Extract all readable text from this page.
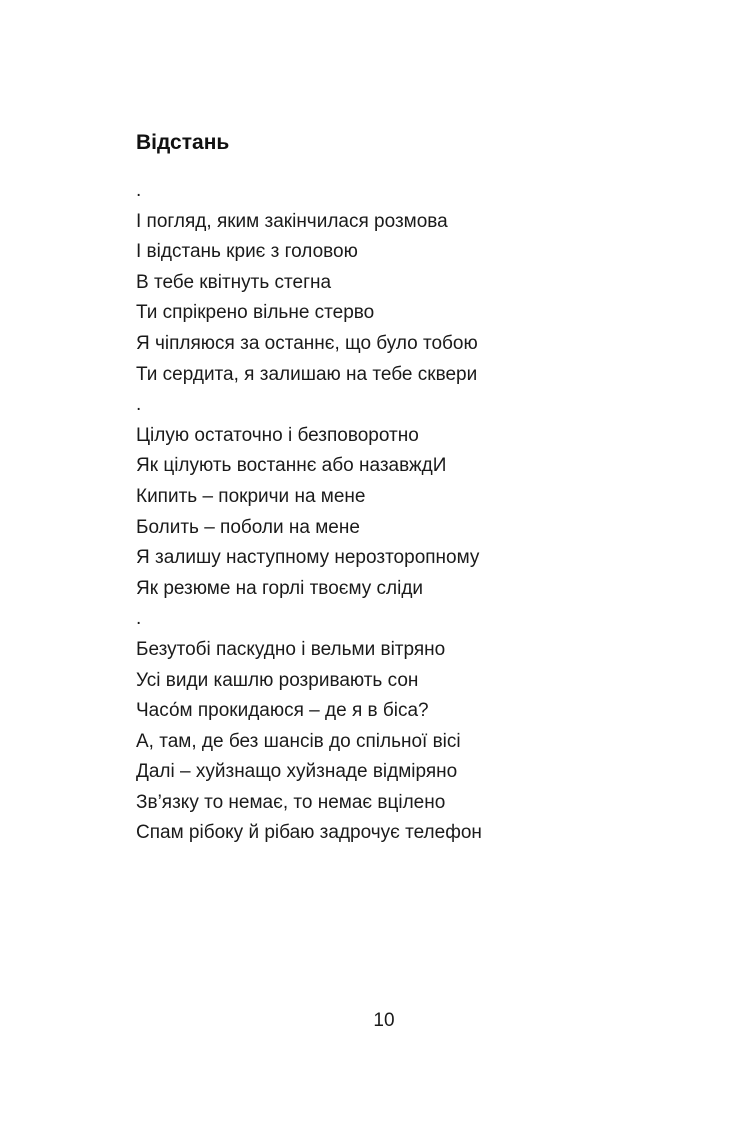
Відстань
.
І погляд, яким закінчилася розмова
І відстань криє з головою
В тебе квітнуть стегна
Ти спрікрено вільне стерво
Я чіпляюся за останнє, що було тобою
Ти сердита, я залишаю на тебе сквери
.
Цілую остаточно і безповоротно
Як цілують востаннє або назавждИ
Кипить – покричи на мене
Болить – поболи на мене
Я залишу наступному нерозторопному
Як резюме на горлі твоєму сліди
.
Безутобі паскудно і вельми вітряно
Усі види кашлю розривають сон
Часо́м прокидаюся – де я в біса?
А, там, де без шансів до спільної вісі
Далі – хуйзнащо хуйзнаде відміряно
Зв’язку то немає, то немає вцілено
Спам рібоку й рібаю задрочує телефон
10
